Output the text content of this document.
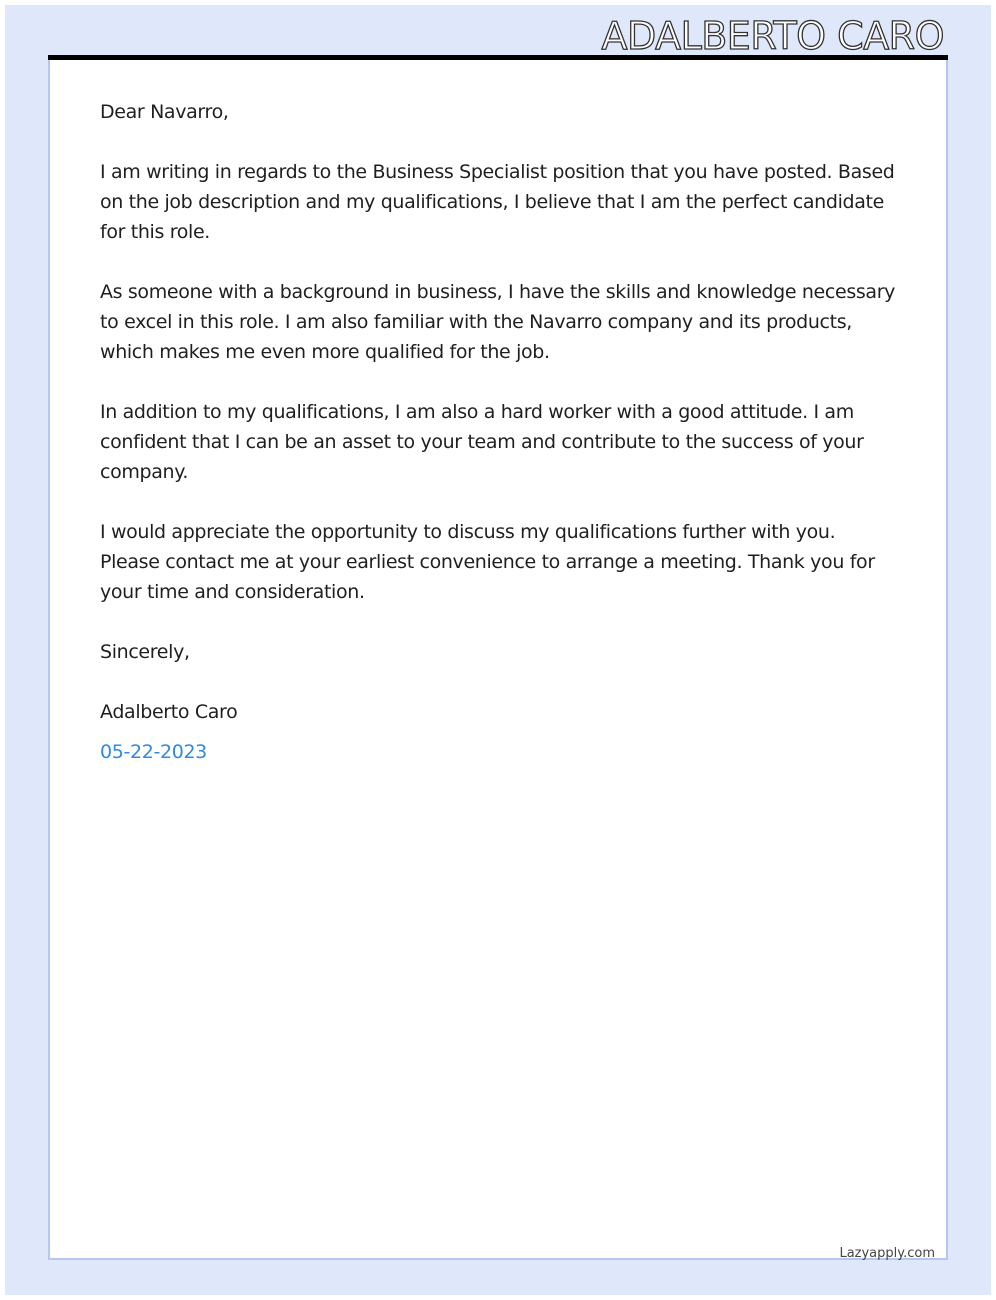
ADALBERTO CARO

Dear Navarro,

I am writing in regards to the Business Specialist position that you have posted. Based on the job description and my qualifications, I believe that I am the perfect candidate for this role.

As someone with a background in business, I have the skills and knowledge necessary to excel in this role. I am also familiar with the Navarro company and its products, which makes me even more qualified for the job.

In addition to my qualifications, I am also a hard worker with a good attitude. I am confident that I can be an asset to your team and contribute to the success of your company.

I would appreciate the opportunity to discuss my qualifications further with you. Please contact me at your earliest convenience to arrange a meeting. Thank you for your time and consideration.

Sincerely,

Adalberto Caro

05-22-2023

Lazyapply.com
